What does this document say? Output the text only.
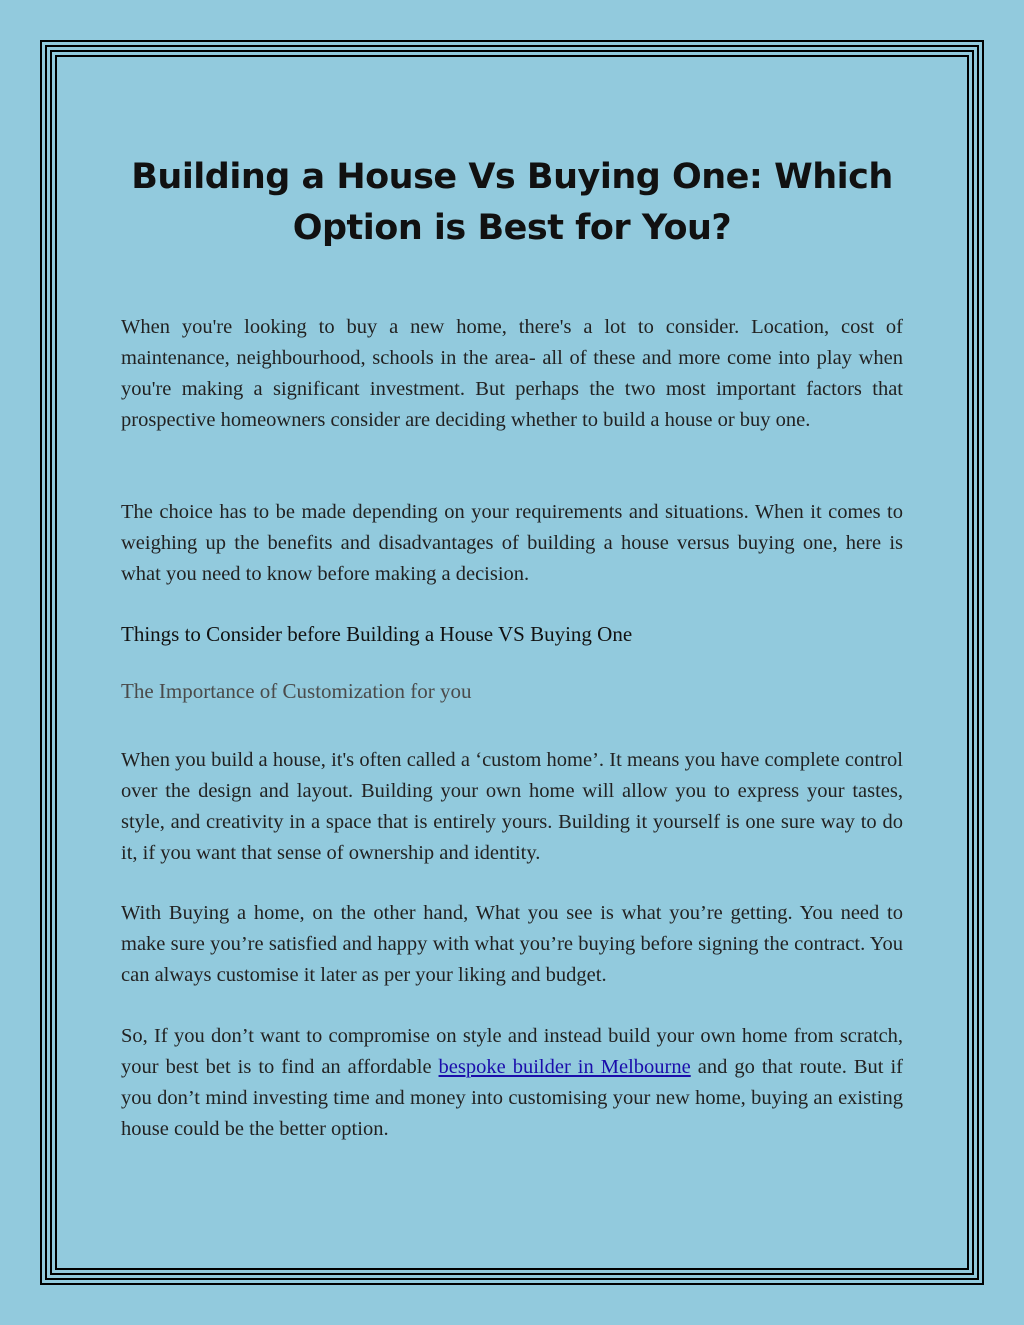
Building a House Vs Buying One: Which Option is Best for You?

When you're looking to buy a new home, there's a lot to consider. Location, cost of maintenance, neighbourhood, schools in the area- all of these and more come into play when you're making a significant investment. But perhaps the two most important factors that prospective homeowners consider are deciding whether to build a house or buy one.

The choice has to be made depending on your requirements and situations. When it comes to weighing up the benefits and disadvantages of building a house versus buying one, here is what you need to know before making a decision.

Things to Consider before Building a House VS Buying One
The Importance of Customization for you

When you build a house, it's often called a ‘custom home’. It means you have complete control over the design and layout. Building your own home will allow you to express your tastes, style, and creativity in a space that is entirely yours. Building it yourself is one sure way to do it, if you want that sense of ownership and identity.

With Buying a home, on the other hand, What you see is what you’re getting. You need to make sure you’re satisfied and happy with what you’re buying before signing the contract. You can always customise it later as per your liking and budget.

So, If you don’t want to compromise on style and instead build your own home from scratch, your best bet is to find an affordable bespoke builder in Melbourne and go that route. But if you don’t mind investing time and money into customising your new home, buying an existing house could be the better option.
